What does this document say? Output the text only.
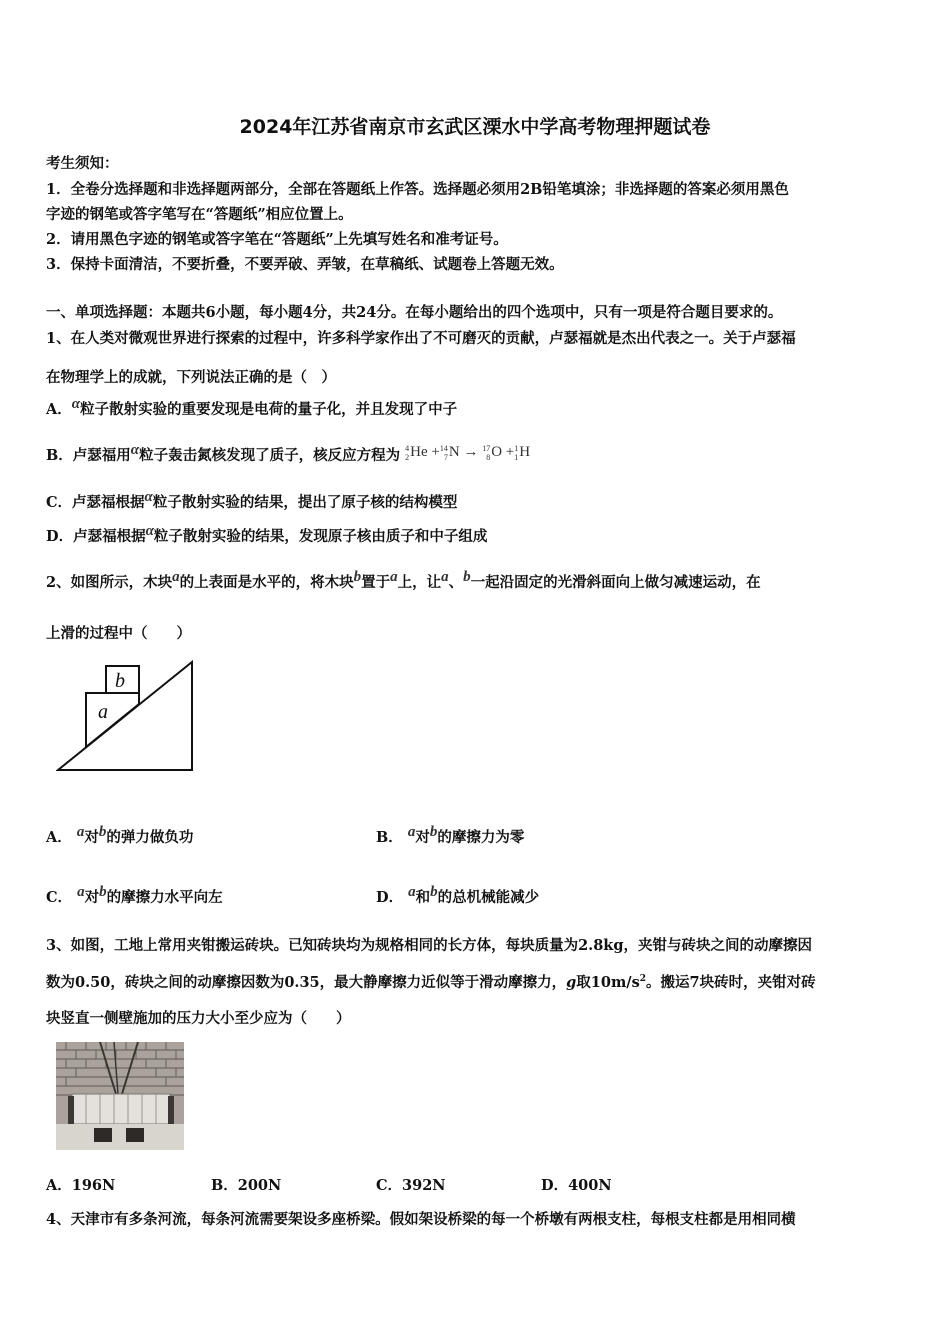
2024年江苏省南京市玄武区溧水中学高考物理押题试卷
考生须知：
1．全卷分选择题和非选择题两部分，全部在答题纸上作答。选择题必须用2B铅笔填涂；非选择题的答案必须用黑色
字迹的钢笔或答字笔写在“答题纸”相应位置上。
2．请用黑色字迹的钢笔或答字笔在“答题纸”上先填写姓名和准考证号。
3．保持卡面清洁，不要折叠，不要弄破、弄皱，在草稿纸、试题卷上答题无效。
一、单项选择题：本题共6小题，每小题4分，共24分。在每小题给出的四个选项中，只有一项是符合题目要求的。
1、在人类对微观世界进行探索的过程中，许多科学家作出了不可磨灭的贡献，卢瑟福就是杰出代表之一。关于卢瑟福
在物理学上的成就，下列说法正确的是（　）
A．α粒子散射实验的重要发现是电荷的量子化，并且发现了中子
B．卢瑟福用α粒子轰击氮核发现了质子，核反应方程为 4
2He +14
7N → 17
8O +1
1H
C．卢瑟福根据α粒子散射实验的结果，提出了原子核的结构模型
D．卢瑟福根据α粒子散射实验的结果，发现原子核由质子和中子组成
2、如图所示，木块a的上表面是水平的，将木块b置于a上，让a、b一起沿固定的光滑斜面向上做匀减速运动，在
上滑的过程中（　　）
b
a
A． a对b的弹力做负功	B． a对b的摩擦力为零
C． a对b的摩擦力水平向左	D． a和b的总机械能减少
3、如图，工地上常用夹钳搬运砖块。已知砖块均为规格相同的长方体，每块质量为2.8kg，夹钳与砖块之间的动摩擦因
数为0.50，砖块之间的动摩擦因数为0.35，最大静摩擦力近似等于滑动摩擦力，g取$10m/s^2$。搬运7块砖时，夹钳对砖
块竖直一侧壁施加的压力大小至少应为（　　）
A．196N	B．200N	C．392N	D．400N
4、天津市有多条河流，每条河流需要架设多座桥梁。假如架设桥梁的每一个桥墩有两根支柱，每根支柱都是用相同横
